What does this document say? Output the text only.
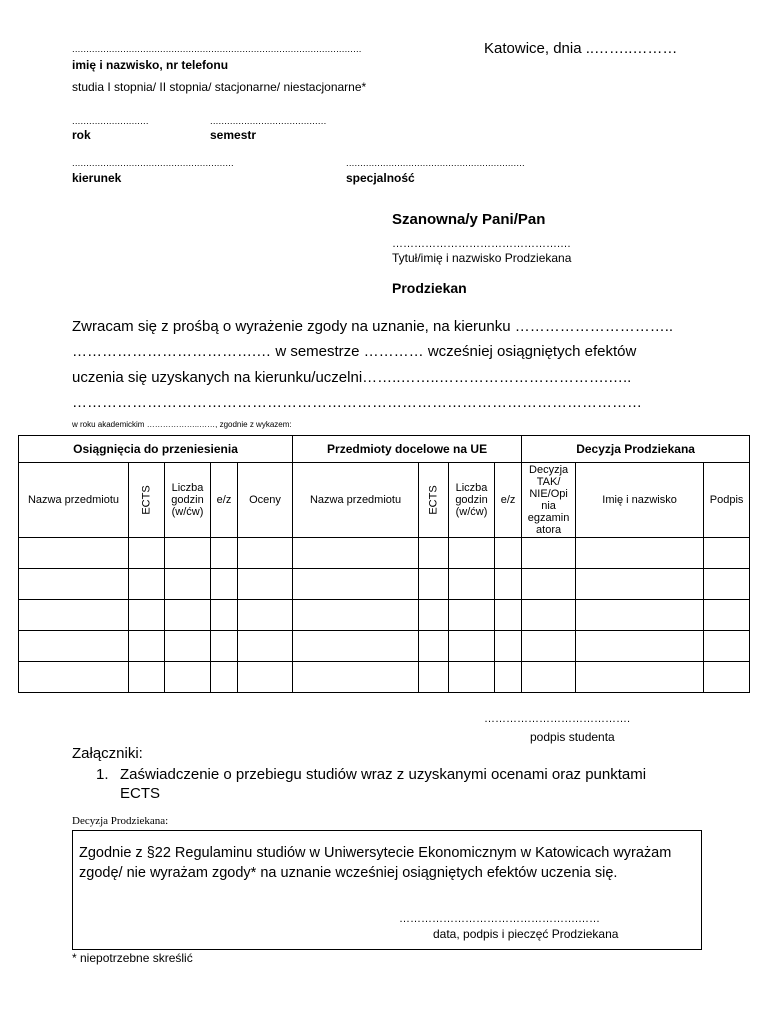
......................................................................................................
imię i nazwisko, nr telefonu
Katowice, dnia ..……..………
studia I stopnia/ II stopnia/ stacjonarne/ niestacjonarne*
...........................
rok
.........................................
semestr
.........................................................
kierunek
...............................................................
specjalność
Szanowna/y Pani/Pan
……………………………………….…
Tytuł/imię i nazwisko Prodziekana
Prodziekan
Zwracam się z prośbą o wyrażenie zgody na uznanie, na kierunku …………………………..
……………………………….… w semestrze ………… wcześniej osiągniętych efektów
uczenia się uzyskanych na kierunku/uczelni……..……..…………………………….…..
……………………………………………………………………………………………………
w roku akademickim ………………..……, zgodnie z wykazem:
Osiągnięcia do przeniesienia					Przedmioty docelowe na UE				Decyzja Prodziekana		
Nazwa przedmiotu	ECTS	Liczba godzin (w/ćw)	e/z	Oceny	Nazwa przedmiotu	ECTS	Liczba godzin (w/ćw)	e/z	Decyzja TAK/ NIE/Opi nia egzamin atora	Imię i nazwisko	Podpis

………………………………….
podpis studenta
Załączniki:
1. Zaświadczenie o przebiegu studiów wraz z uzyskanymi ocenami oraz punktami
ECTS
Decyzja Prodziekana:
Zgodnie z §22 Regulaminu studiów w Uniwersytecie Ekonomicznym w Katowicach wyrażam zgodę/ nie wyrażam zgody* na uznanie wcześniej osiągniętych efektów uczenia się.
………………………………………….……
data, podpis i pieczęć Prodziekana
* niepotrzebne skreślić
